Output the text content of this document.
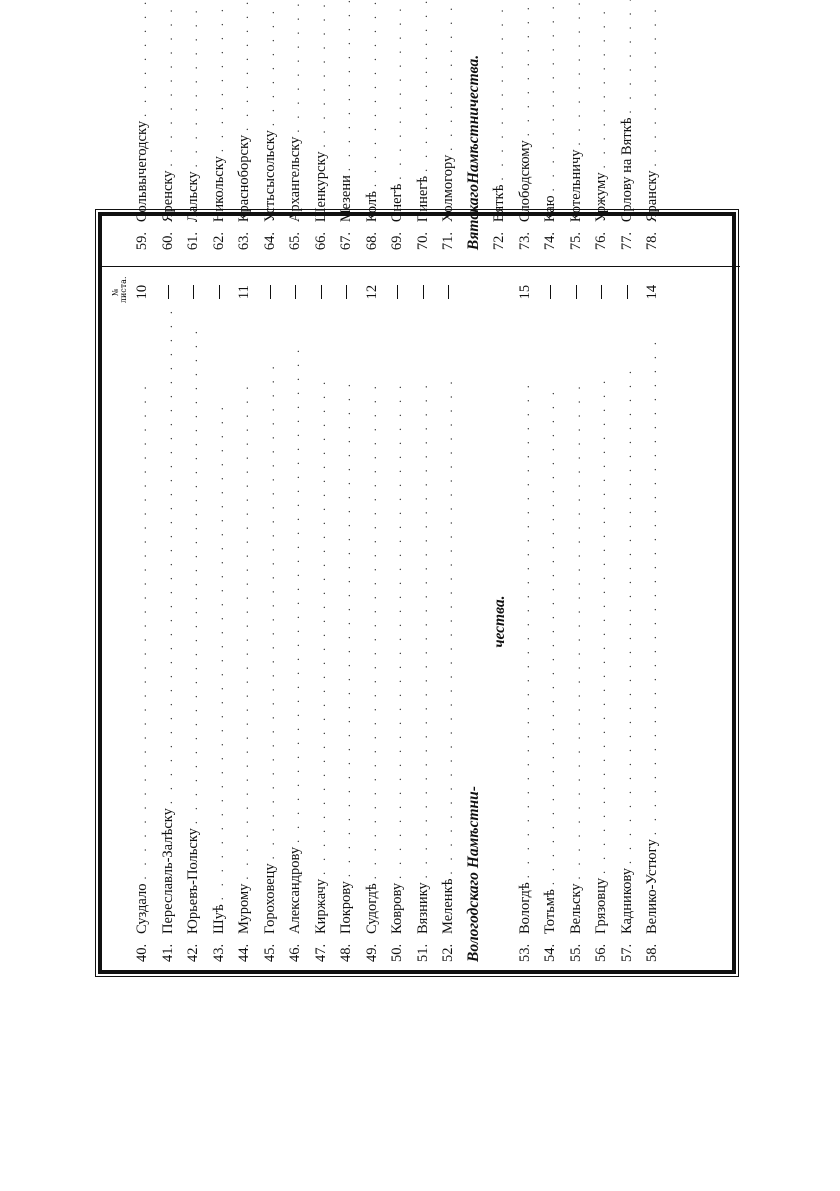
№ листа.
40.
Суздало
. . .
10
41.
Переславль-Залѣску
. . .
42.
Юрьевъ-Польску
. . .
43.
Шуѣ
. . .
44.
Мурому
. . .
11
45.
Гороховецу
. . .
46.
Александрову
. . .
47.
Киржачу
. . .
48.
Покрову
. . .
49.
Судогдѣ
. . .
12
50.
Коврову
. . .
51.
Вязнику
. . .
52.
Меленкѣ . . . Вологодскаго Намѣстни-
чества.
53.
Вологдѣ
. . .
15
54.
Тотьмѣ
. . .
55.
Вельску
. . .
56.
Грязовцу
. . .
57.
Кадникову
. . .
58.
Велико-Устюгу
. . .
14
59.
Сольвычегодску
. . .
60.
Яренску
. . .
61.
Лальску
. . .
62.
Никольску
. . .
63.
Краснoборску
. . .
64.
Устьсысольску
. . .
65.
Архангельску
. . .
66.
Шенкурску
. . .
67.
Мезени
. . .
68.
Колѣ
. . .
69.
Онегѣ
. . .
70.
Пинегѣ
. . .
71.
Холмогору . . . ВятскагоНамѣстничества. 72.
Вяткѣ
. . .
73.
Слободскому
. . .
74.
Каю
. . .
75.
Котельничу
. . .
76.
Уржуму
. . .
77.
Орлову на Вяткѣ
. . .
78.
Яранску
. . .
